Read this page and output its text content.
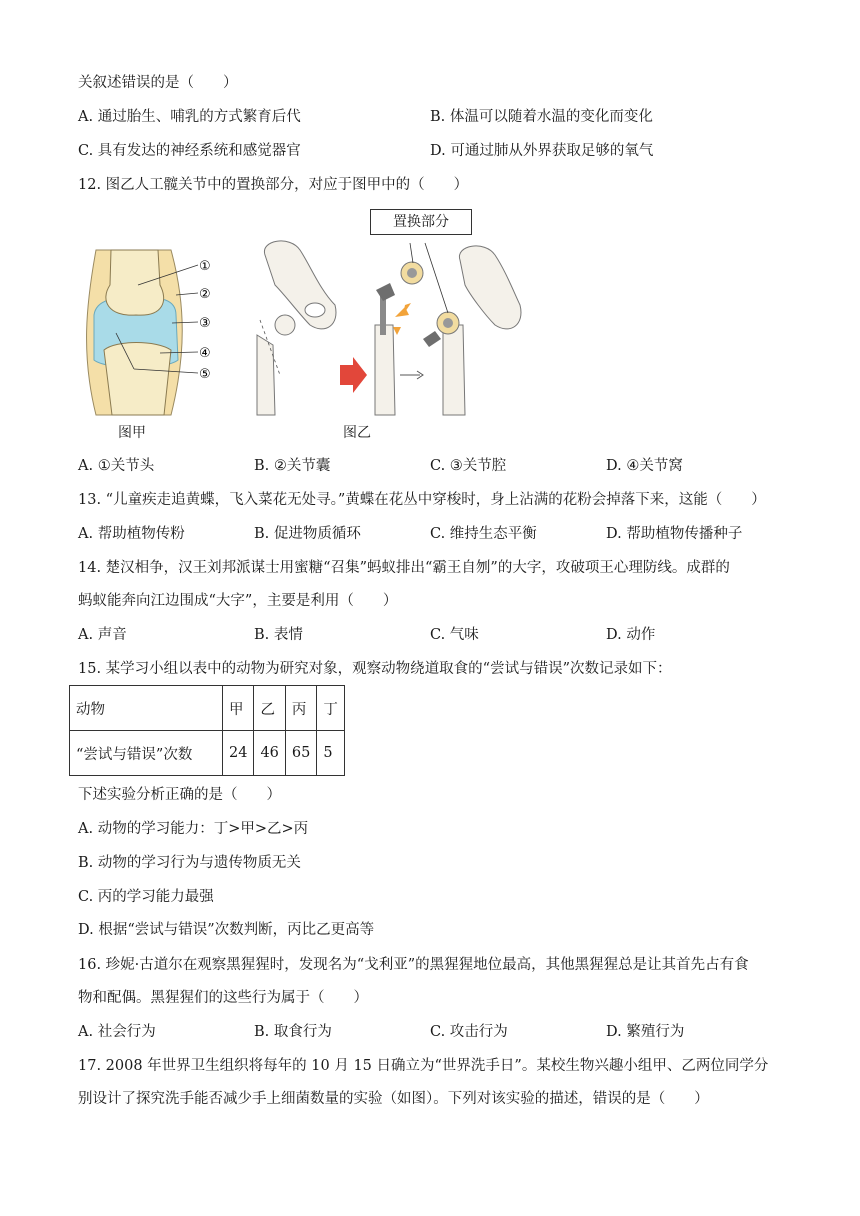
关叙述错误的是（　　）
A. 通过胎生、哺乳的方式繁育后代	B. 体温可以随着水温的变化而变化
C. 具有发达的神经系统和感觉器官	D. 可通过肺从外界获取足够的氧气
12. 图乙人工髋关节中的置换部分，对应于图甲中的（　　）
①
②
③
④
⑤
图甲
置换部分
图乙
A. ①关节头	B. ②关节囊	C. ③关节腔	D. ④关节窝
13. “儿童疾走追黄蝶，飞入菜花无处寻。”黄蝶在花丛中穿梭时，身上沾满的花粉会掉落下来，这能（　　）
A. 帮助植物传粉	B. 促进物质循环	C. 维持生态平衡	D. 帮助植物传播种子
14. 楚汉相争，汉王刘邦派谋士用蜜糖“召集”蚂蚁排出“霸王自刎”的大字，攻破项王心理防线。成群的
蚂蚁能奔向江边围成“大字”，主要是利用（　　）
A. 声音	B. 表情	C. 气味	D. 动作
15. 某学习小组以表中的动物为研究对象，观察动物绕道取食的“尝试与错误”次数记录如下：
动物	甲	乙	丙	丁
“尝试与错误”次数	24	46	65	5
下述实验分析正确的是（　　）
A. 动物的学习能力：丁>甲>乙>丙
B. 动物的学习行为与遗传物质无关
C. 丙的学习能力最强
D. 根据“尝试与错误”次数判断，丙比乙更高等
16. 珍妮·古道尔在观察黑猩猩时，发现名为“戈利亚”的黑猩猩地位最高，其他黑猩猩总是让其首先占有食
物和配偶。黑猩猩们的这些行为属于（　　）
A. 社会行为	B. 取食行为	C. 攻击行为	D. 繁殖行为
17. 2008 年世界卫生组织将每年的 10 月 15 日确立为“世界洗手日”。某校生物兴趣小组甲、乙两位同学分
别设计了探究洗手能否减少手上细菌数量的实验（如图）。下列对该实验的描述，错误的是（　　）
